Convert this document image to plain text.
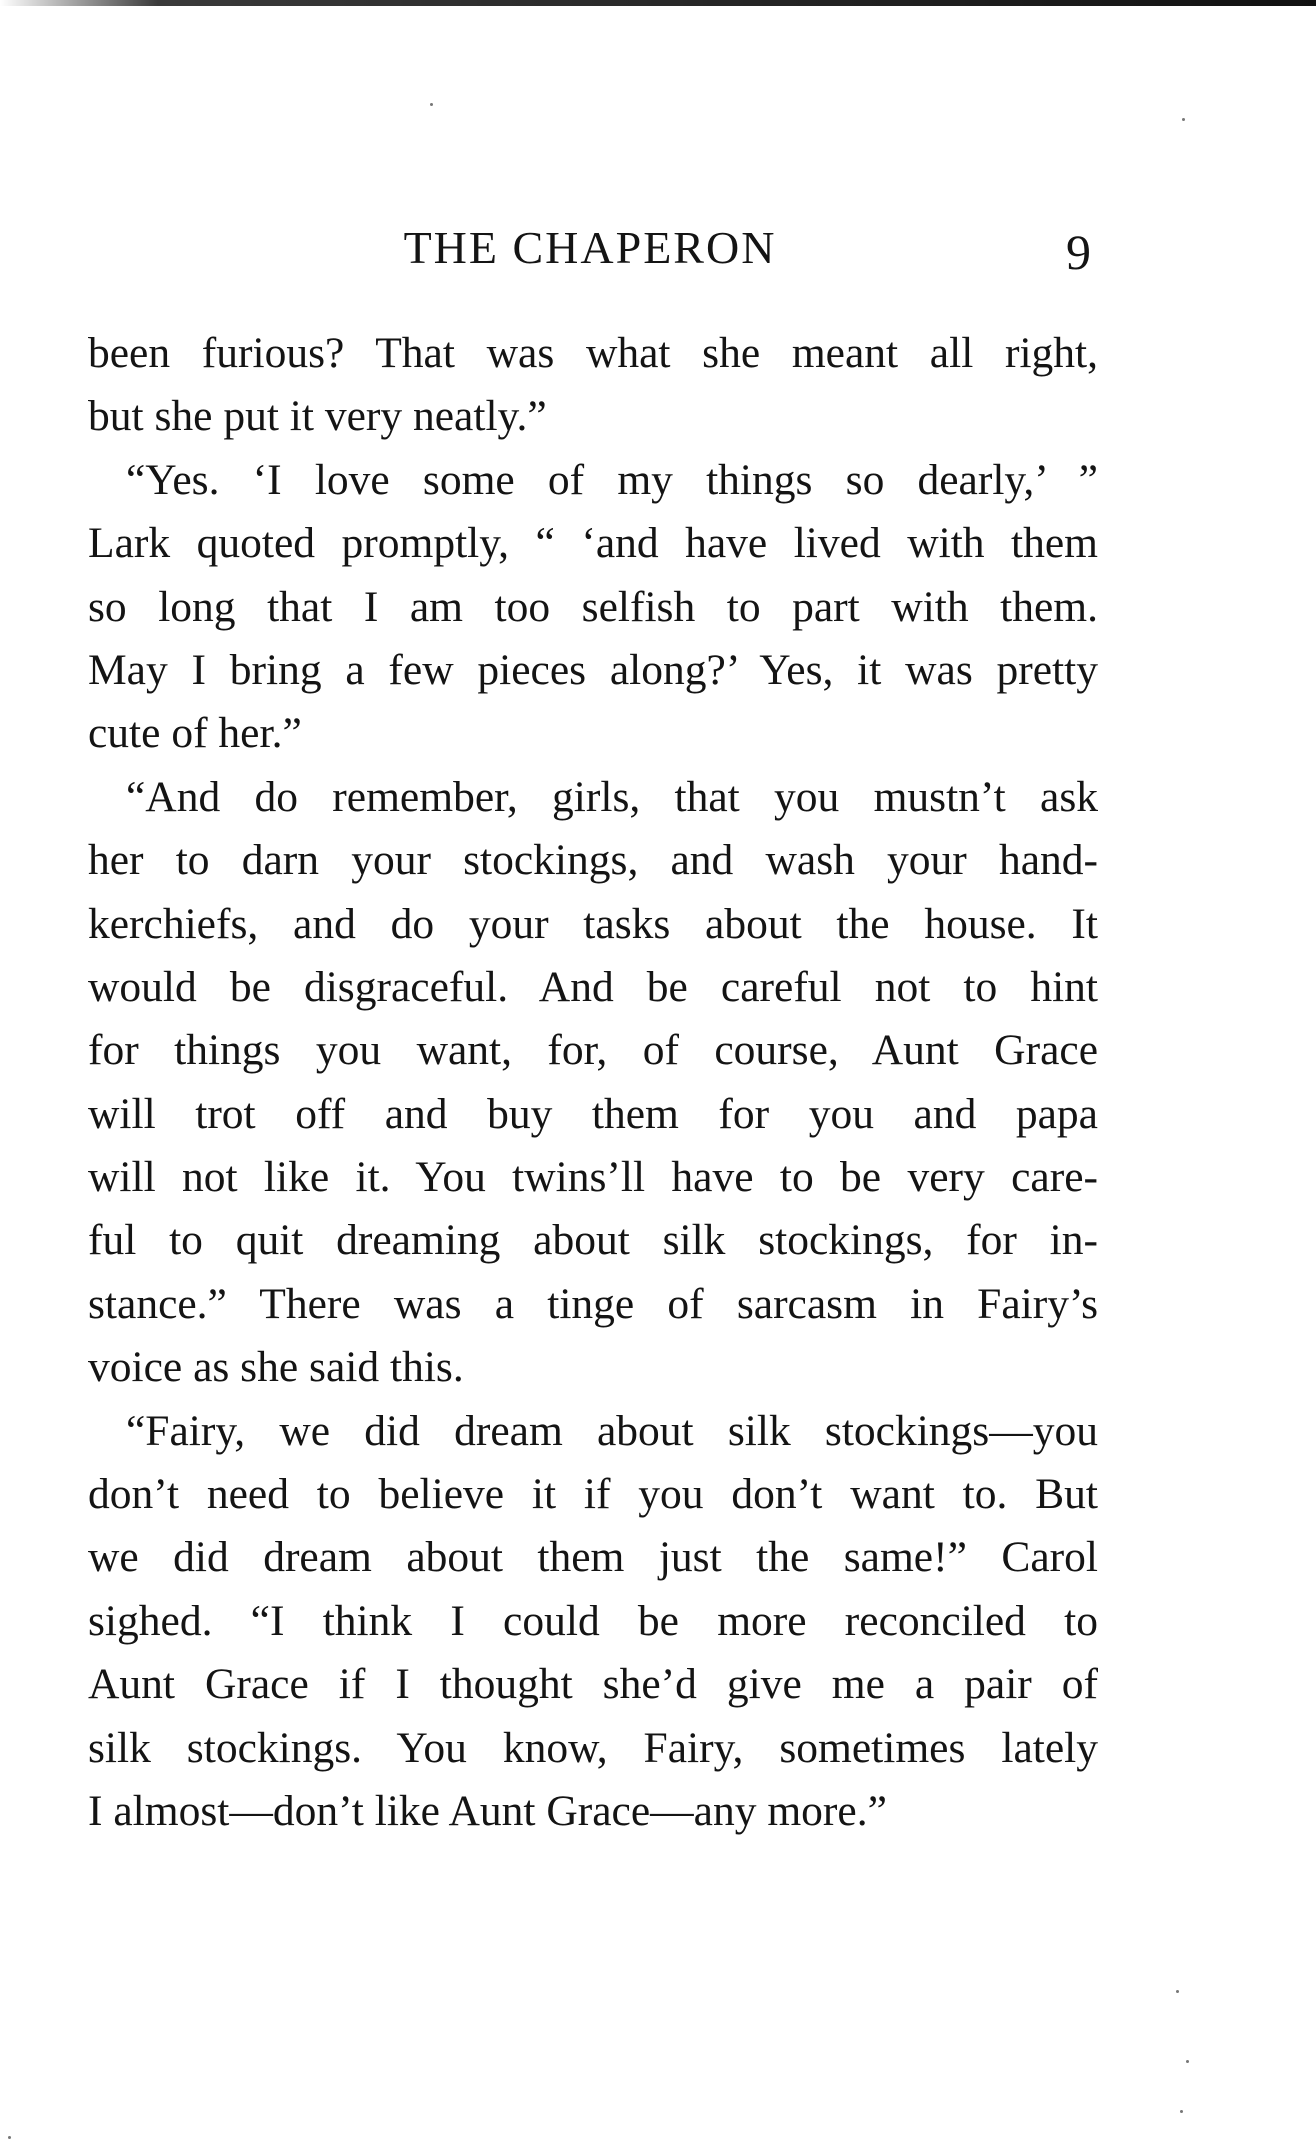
THE CHAPERON	9
been furious? That was what she meant all right,
but she put it very neatly.”
“Yes. ‘I love some of my things so dearly,’ ”
Lark quoted promptly, “ ‘and have lived with them
so long that I am too selfish to part with them.
May I bring a few pieces along?’ Yes, it was pretty
cute of her.”
“And do remember, girls, that you mustn’t ask
her to darn your stockings, and wash your hand-
kerchiefs, and do your tasks about the house. It
would be disgraceful. And be careful not to hint
for things you want, for, of course, Aunt Grace
will trot off and buy them for you and papa
will not like it. You twins’ll have to be very care-
ful to quit dreaming about silk stockings, for in-
stance.” There was a tinge of sarcasm in Fairy’s
voice as she said this.
“Fairy, we did dream about silk stockings—you
don’t need to believe it if you don’t want to. But
we did dream about them just the same!” Carol
sighed. “I think I could be more reconciled to
Aunt Grace if I thought she’d give me a pair of
silk stockings. You know, Fairy, sometimes lately
I almost—don’t like Aunt Grace—any more.”
